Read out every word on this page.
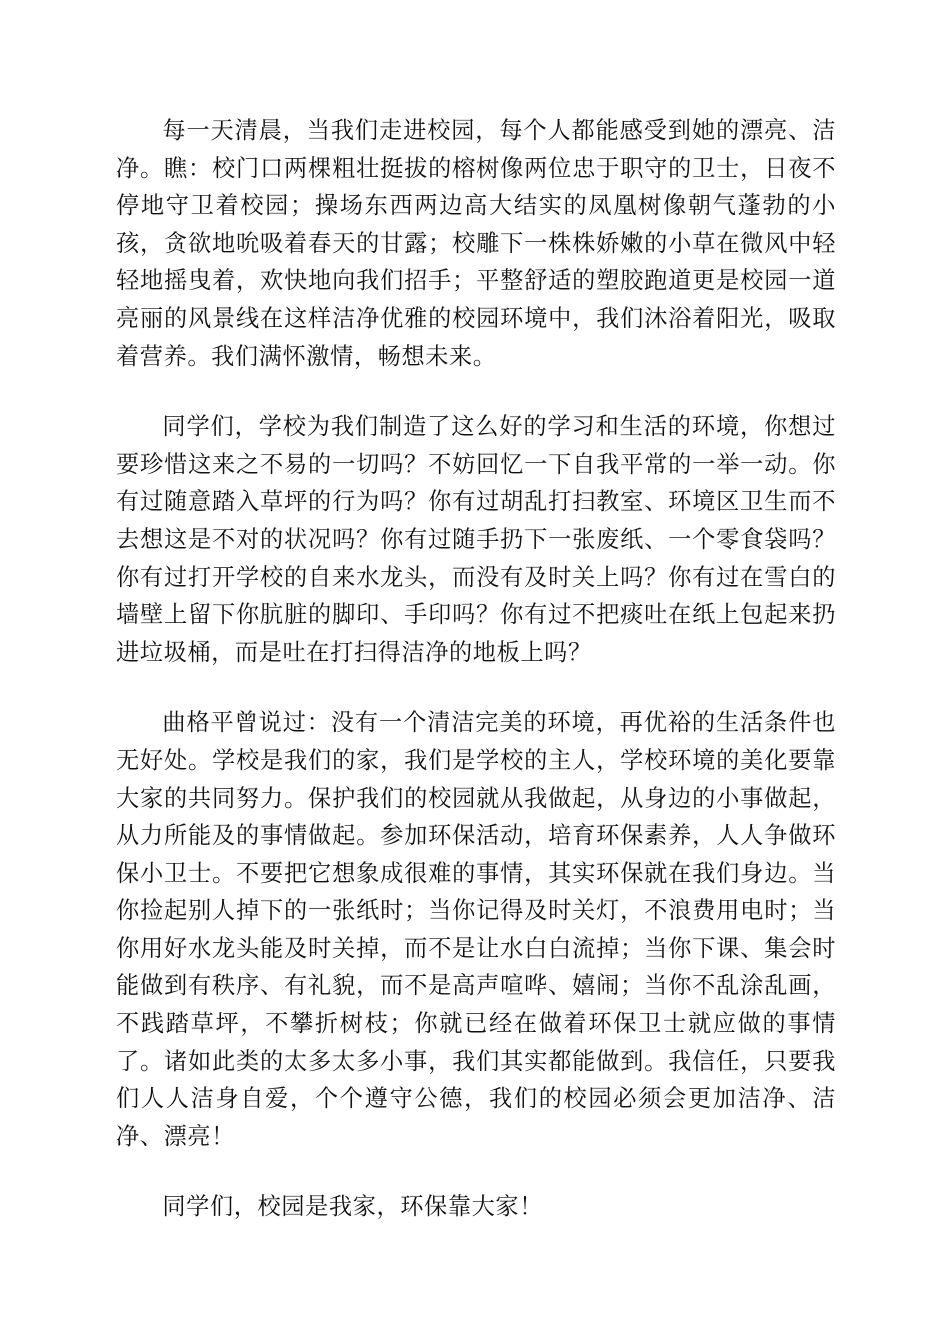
每一天清晨，当我们走进校园，每个人都能感受到她的漂亮、洁净。瞧：校门口两棵粗壮挺拔的榕树像两位忠于职守的卫士，日夜不停地守卫着校园；操场东西两边高大结实的凤凰树像朝气蓬勃的小孩，贪欲地吮吸着春天的甘露；校雕下一株株娇嫩的小草在微风中轻轻地摇曳着，欢快地向我们招手；平整舒适的塑胶跑道更是校园一道亮丽的风景线在这样洁净优雅的校园环境中，我们沐浴着阳光，吸取着营养。我们满怀激情，畅想未来。

同学们，学校为我们制造了这么好的学习和生活的环境，你想过要珍惜这来之不易的一切吗？不妨回忆一下自我平常的一举一动。你有过随意踏入草坪的行为吗？你有过胡乱打扫教室、环境区卫生而不去想这是不对的状况吗？你有过随手扔下一张废纸、一个零食袋吗？你有过打开学校的自来水龙头，而没有及时关上吗？你有过在雪白的墙壁上留下你肮脏的脚印、手印吗？你有过不把痰吐在纸上包起来扔进垃圾桶，而是吐在打扫得洁净的地板上吗？

曲格平曾说过：没有一个清洁完美的环境，再优裕的生活条件也无好处。学校是我们的家，我们是学校的主人，学校环境的美化要靠大家的共同努力。保护我们的校园就从我做起，从身边的小事做起，从力所能及的事情做起。参加环保活动，培育环保素养，人人争做环保小卫士。不要把它想象成很难的事情，其实环保就在我们身边。当你捡起别人掉下的一张纸时；当你记得及时关灯，不浪费用电时；当你用好水龙头能及时关掉，而不是让水白白流掉；当你下课、集会时能做到有秩序、有礼貌，而不是高声喧哗、嬉闹；当你不乱涂乱画，不践踏草坪，不攀折树枝；你就已经在做着环保卫士就应做的事情了。诸如此类的太多太多小事，我们其实都能做到。我信任，只要我们人人洁身自爱，个个遵守公德，我们的校园必须会更加洁净、洁净、漂亮！

同学们，校园是我家，环保靠大家！
